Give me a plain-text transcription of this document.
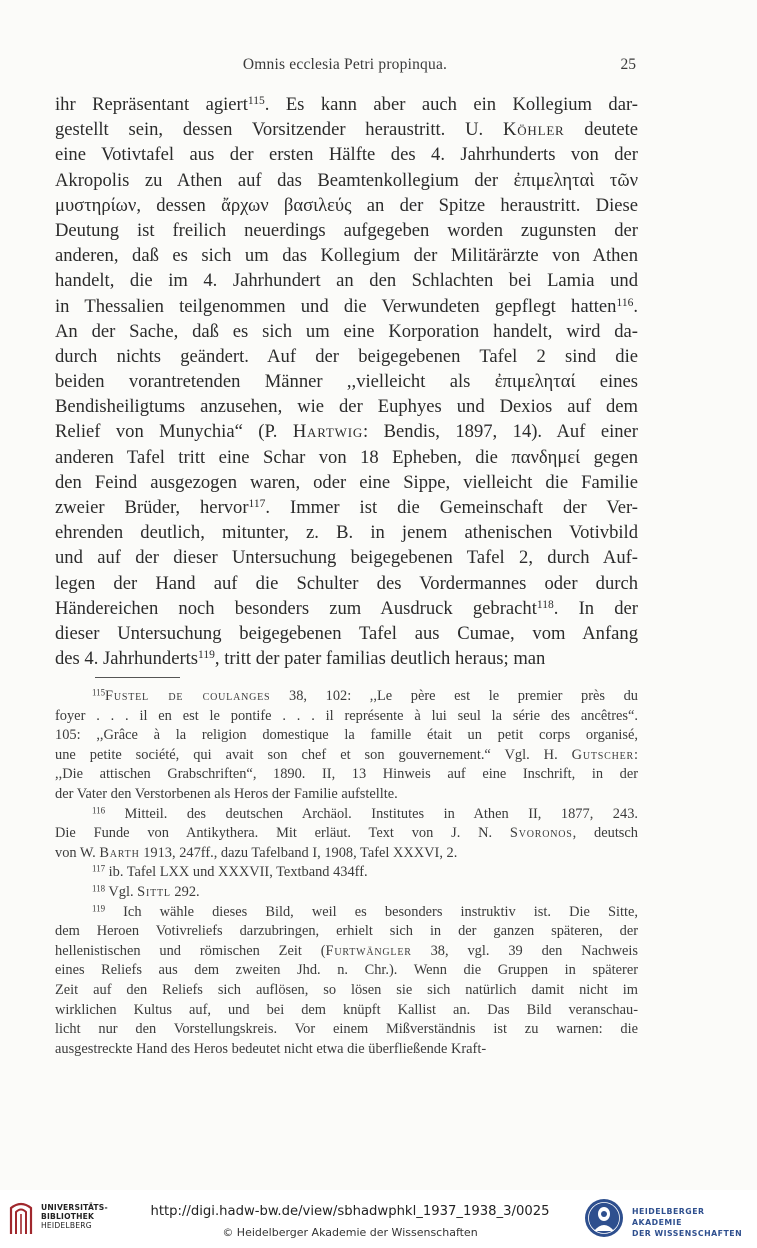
Omnis ecclesia Petri propinqua.	25
ihr Repräsentant agiert$^{115}$. Es kann aber auch ein Kollegium dar-
gestellt sein, dessen Vorsitzender heraustritt. U. Köhler deutete
eine Votivtafel aus der ersten Hälfte des 4. Jahrhunderts von der
Akropolis zu Athen auf das Beamtenkollegium der ἐπιμεληταὶ τῶν
μυστηρίων, dessen ἄρχων βασιλεύς an der Spitze heraustritt. Diese
Deutung ist freilich neuerdings aufgegeben worden zugunsten der
anderen, daß es sich um das Kollegium der Militärärzte von Athen
handelt, die im 4. Jahrhundert an den Schlachten bei Lamia und
in Thessalien teilgenommen und die Verwundeten gepflegt hatten$^{116}$.
An der Sache, daß es sich um eine Korporation handelt, wird da-
durch nichts geändert. Auf der beigegebenen Tafel 2 sind die
beiden vorantretenden Männer ,,vielleicht als ἐπιμεληταί eines
Bendisheiligtums anzusehen, wie der Euphyes und Dexios auf dem
Relief von Munychia“ (P. Hartwig: Bendis, 1897, 14). Auf einer
anderen Tafel tritt eine Schar von 18 Epheben, die πανδημεί gegen
den Feind ausgezogen waren, oder eine Sippe, vielleicht die Familie
zweier Brüder, hervor$^{117}$. Immer ist die Gemeinschaft der Ver-
ehrenden deutlich, mitunter, z. B. in jenem athenischen Votivbild
und auf der dieser Untersuchung beigegebenen Tafel 2, durch Auf-
legen der Hand auf die Schulter des Vordermannes oder durch
Händereichen noch besonders zum Ausdruck gebracht$^{118}$. In der
dieser Untersuchung beigegebenen Tafel aus Cumae, vom Anfang
des 4. Jahrhunderts$^{119}$, tritt der pater familias deutlich heraus; man
$^{115}$Fustel de coulanges 38, 102: ,,Le père est le premier près du
foyer . . . il en est le pontife . . . il représente à lui seul la série des ancêtres“.
105: ,,Grâce à la religion domestique la famille était un petit corps organisé,
une petite société, qui avait son chef et son gouvernement.“ Vgl. H. Gutscher:
,,Die attischen Grabschriften“, 1890. II, 13 Hinweis auf eine Inschrift, in der
der Vater den Verstorbenen als Heros der Familie aufstellte.
$^{116}$ Mitteil. des deutschen Archäol. Institutes in Athen II, 1877, 243.
Die Funde von Antikythera. Mit erläut. Text von J. N. Svoronos, deutsch
von W. Barth 1913, 247ff., dazu Tafelband I, 1908, Tafel XXXVI, 2.
$^{117}$ ib. Tafel LXX und XXXVII, Textband 434ff.
$^{118}$ Vgl. Sittl 292.
$^{119}$ Ich wähle dieses Bild, weil es besonders instruktiv ist. Die Sitte,
dem Heroen Votivreliefs darzubringen, erhielt sich in der ganzen späteren, der
hellenistischen und römischen Zeit (Furtwängler 38, vgl. 39 den Nachweis
eines Reliefs aus dem zweiten Jhd. n. Chr.). Wenn die Gruppen in späterer
Zeit auf den Reliefs sich auflösen, so lösen sie sich natürlich damit nicht im
wirklichen Kultus auf, und bei dem knüpft Kallist an. Das Bild veranschau-
licht nur den Vorstellungskreis. Vor einem Mißverständnis ist zu warnen: die
ausgestreckte Hand des Heros bedeutet nicht etwa die überfließende Kraft-
UNIVERSITÄTS-
BIBLIOTHEK
HEIDELBERG
http://digi.hadw-bw.de/view/sbhadwphkl_1937_1938_3/0025
© Heidelberger Akademie der Wissenschaften
HEIDELBERGER AKADEMIE
DER WISSENSCHAFTEN
